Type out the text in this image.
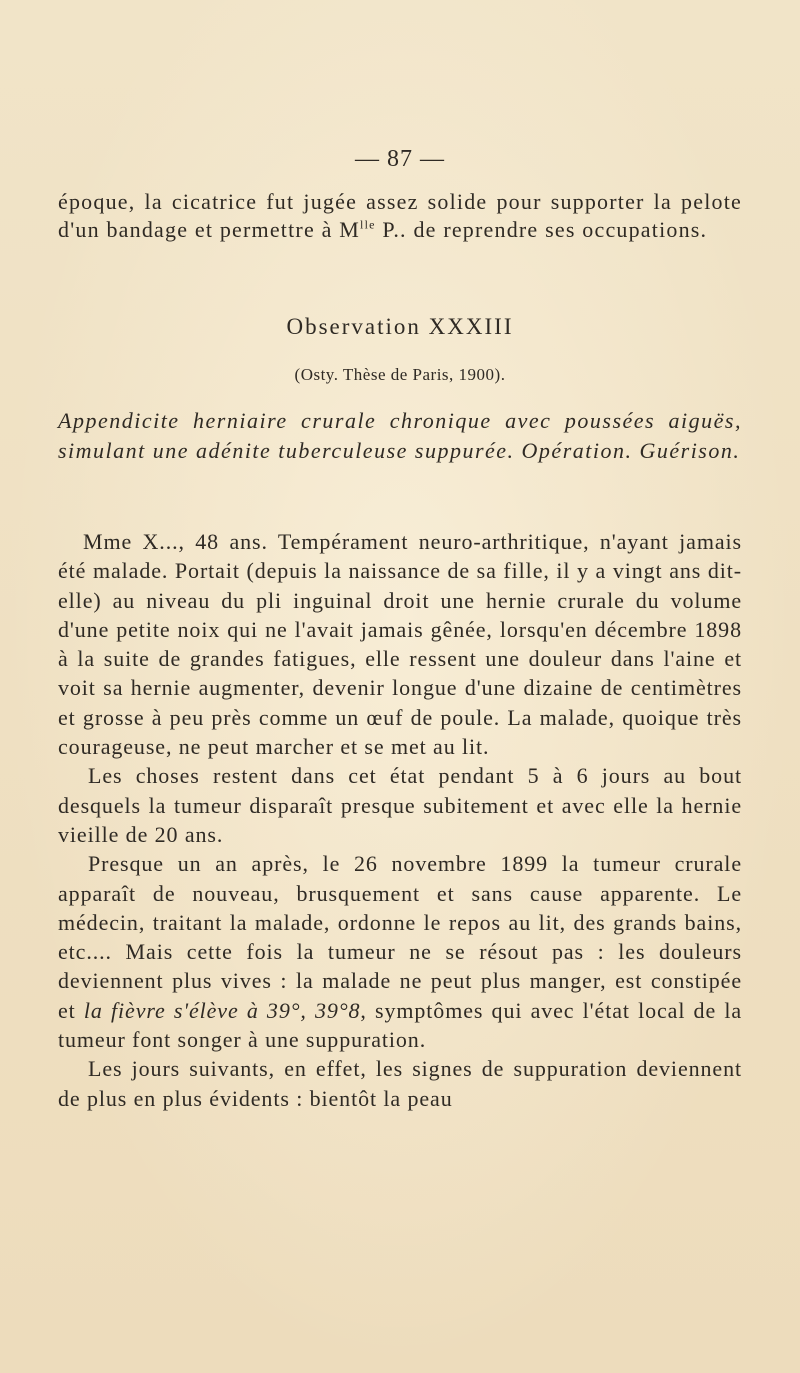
— 87 —
époque, la cicatrice fut jugée assez solide pour supporter la pelote d'un bandage et permettre à $M^{lle}$ P.. de reprendre ses occupations.
Observation XXXIII
(Osty. Thèse de Paris, 1900).
Appendicite herniaire crurale chronique avec poussées aiguës, simulant une adénite tuberculeuse suppurée. Opération. Guérison.

Mme X..., 48 ans. Tempérament neuro-arthritique, n'ayant jamais été malade. Portait (depuis la naissance de sa fille, il y a vingt ans dit-elle) au niveau du pli inguinal droit une hernie crurale du volume d'une petite noix qui ne l'avait jamais gênée, lorsqu'en décembre 1898 à la suite de grandes fatigues, elle ressent une douleur dans l'aine et voit sa hernie augmenter, devenir longue d'une dizaine de centimètres et grosse à peu près comme un œuf de poule. La malade, quoique très courageuse, ne peut marcher et se met au lit.

Les choses restent dans cet état pendant 5 à 6 jours au bout desquels la tumeur disparaît presque subitement et avec elle la hernie vieille de 20 ans.

Presque un an après, le 26 novembre 1899 la tumeur crurale apparaît de nouveau, brusquement et sans cause apparente. Le médecin, traitant la malade, ordonne le repos au lit, des grands bains, etc.... Mais cette fois la tumeur ne se résout pas : les douleurs deviennent plus vives : la malade ne peut plus manger, est constipée et la fièvre s'élève à 39°, 39°8, symptômes qui avec l'état local de la tumeur font songer à une suppuration.

Les jours suivants, en effet, les signes de suppuration deviennent de plus en plus évidents : bientôt la peau
